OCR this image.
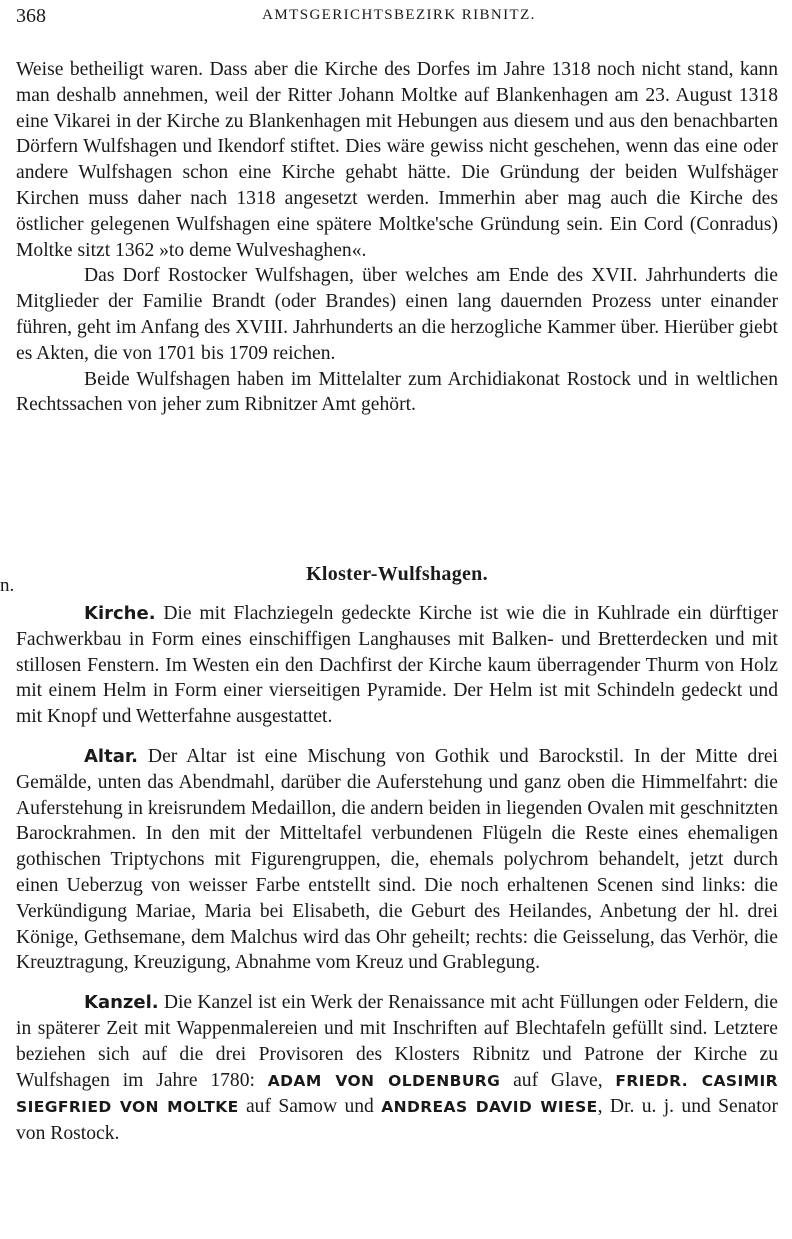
368	AMTSGERICHTSBEZIRK RIBNITZ.

Weise betheiligt waren. Dass aber die Kirche des Dorfes im Jahre 1318 noch nicht stand, kann man deshalb annehmen, weil der Ritter Johann Moltke auf Blankenhagen am 23. August 1318 eine Vikarei in der Kirche zu Blankenhagen mit Hebungen aus diesem und aus den benachbarten Dörfern Wulfshagen und Ikendorf stiftet. Dies wäre gewiss nicht geschehen, wenn das eine oder andere Wulfshagen schon eine Kirche gehabt hätte. Die Gründung der beiden Wulfshäger Kirchen muss daher nach 1318 angesetzt werden. Immerhin aber mag auch die Kirche des östlicher gelegenen Wulfshagen eine spätere Moltke'sche Gründung sein. Ein Cord (Conradus) Moltke sitzt 1362 »to deme Wulveshaghen«.

Das Dorf Rostocker Wulfshagen, über welches am Ende des XVII. Jahrhunderts die Mitglieder der Familie Brandt (oder Brandes) einen lang dauernden Prozess unter einander führen, geht im Anfang des XVIII. Jahrhunderts an die herzogliche Kammer über. Hierüber giebt es Akten, die von 1701 bis 1709 reichen.

Beide Wulfshagen haben im Mittelalter zum Archidiakonat Rostock und in weltlichen Rechtssachen von jeher zum Ribnitzer Amt gehört.

n.
Kloster-Wulfshagen.

Kirche. Die mit Flachziegeln gedeckte Kirche ist wie die in Kuhlrade ein dürftiger Fachwerkbau in Form eines einschiffigen Langhauses mit Balken- und Bretterdecken und mit stillosen Fenstern. Im Westen ein den Dachfirst der Kirche kaum überragender Thurm von Holz mit einem Helm in Form einer vierseitigen Pyramide. Der Helm ist mit Schindeln gedeckt und mit Knopf und Wetterfahne ausgestattet.

Altar. Der Altar ist eine Mischung von Gothik und Barockstil. In der Mitte drei Gemälde, unten das Abendmahl, darüber die Auferstehung und ganz oben die Himmelfahrt: die Auferstehung in kreisrundem Medaillon, die andern beiden in liegenden Ovalen mit geschnitzten Barockrahmen. In den mit der Mitteltafel verbundenen Flügeln die Reste eines ehemaligen gothischen Triptychons mit Figurengruppen, die, ehemals polychrom behandelt, jetzt durch einen Ueberzug von weisser Farbe entstellt sind. Die noch erhaltenen Scenen sind links: die Verkündigung Mariae, Maria bei Elisabeth, die Geburt des Heilandes, Anbetung der hl. drei Könige, Gethsemane, dem Malchus wird das Ohr geheilt; rechts: die Geisselung, das Verhör, die Kreuztragung, Kreuzigung, Abnahme vom Kreuz und Grablegung.

Kanzel. Die Kanzel ist ein Werk der Renaissance mit acht Füllungen oder Feldern, die in späterer Zeit mit Wappenmalereien und mit Inschriften auf Blechtafeln gefüllt sind. Letztere beziehen sich auf die drei Provisoren des Klosters Ribnitz und Patrone der Kirche zu Wulfshagen im Jahre 1780: ADAM VON OLDENBURG auf Glave, FRIEDR. CASIMIR SIEGFRIED VON MOLTKE auf Samow und ANDREAS DAVID WIESE, Dr. u. j. und Senator von Rostock.
